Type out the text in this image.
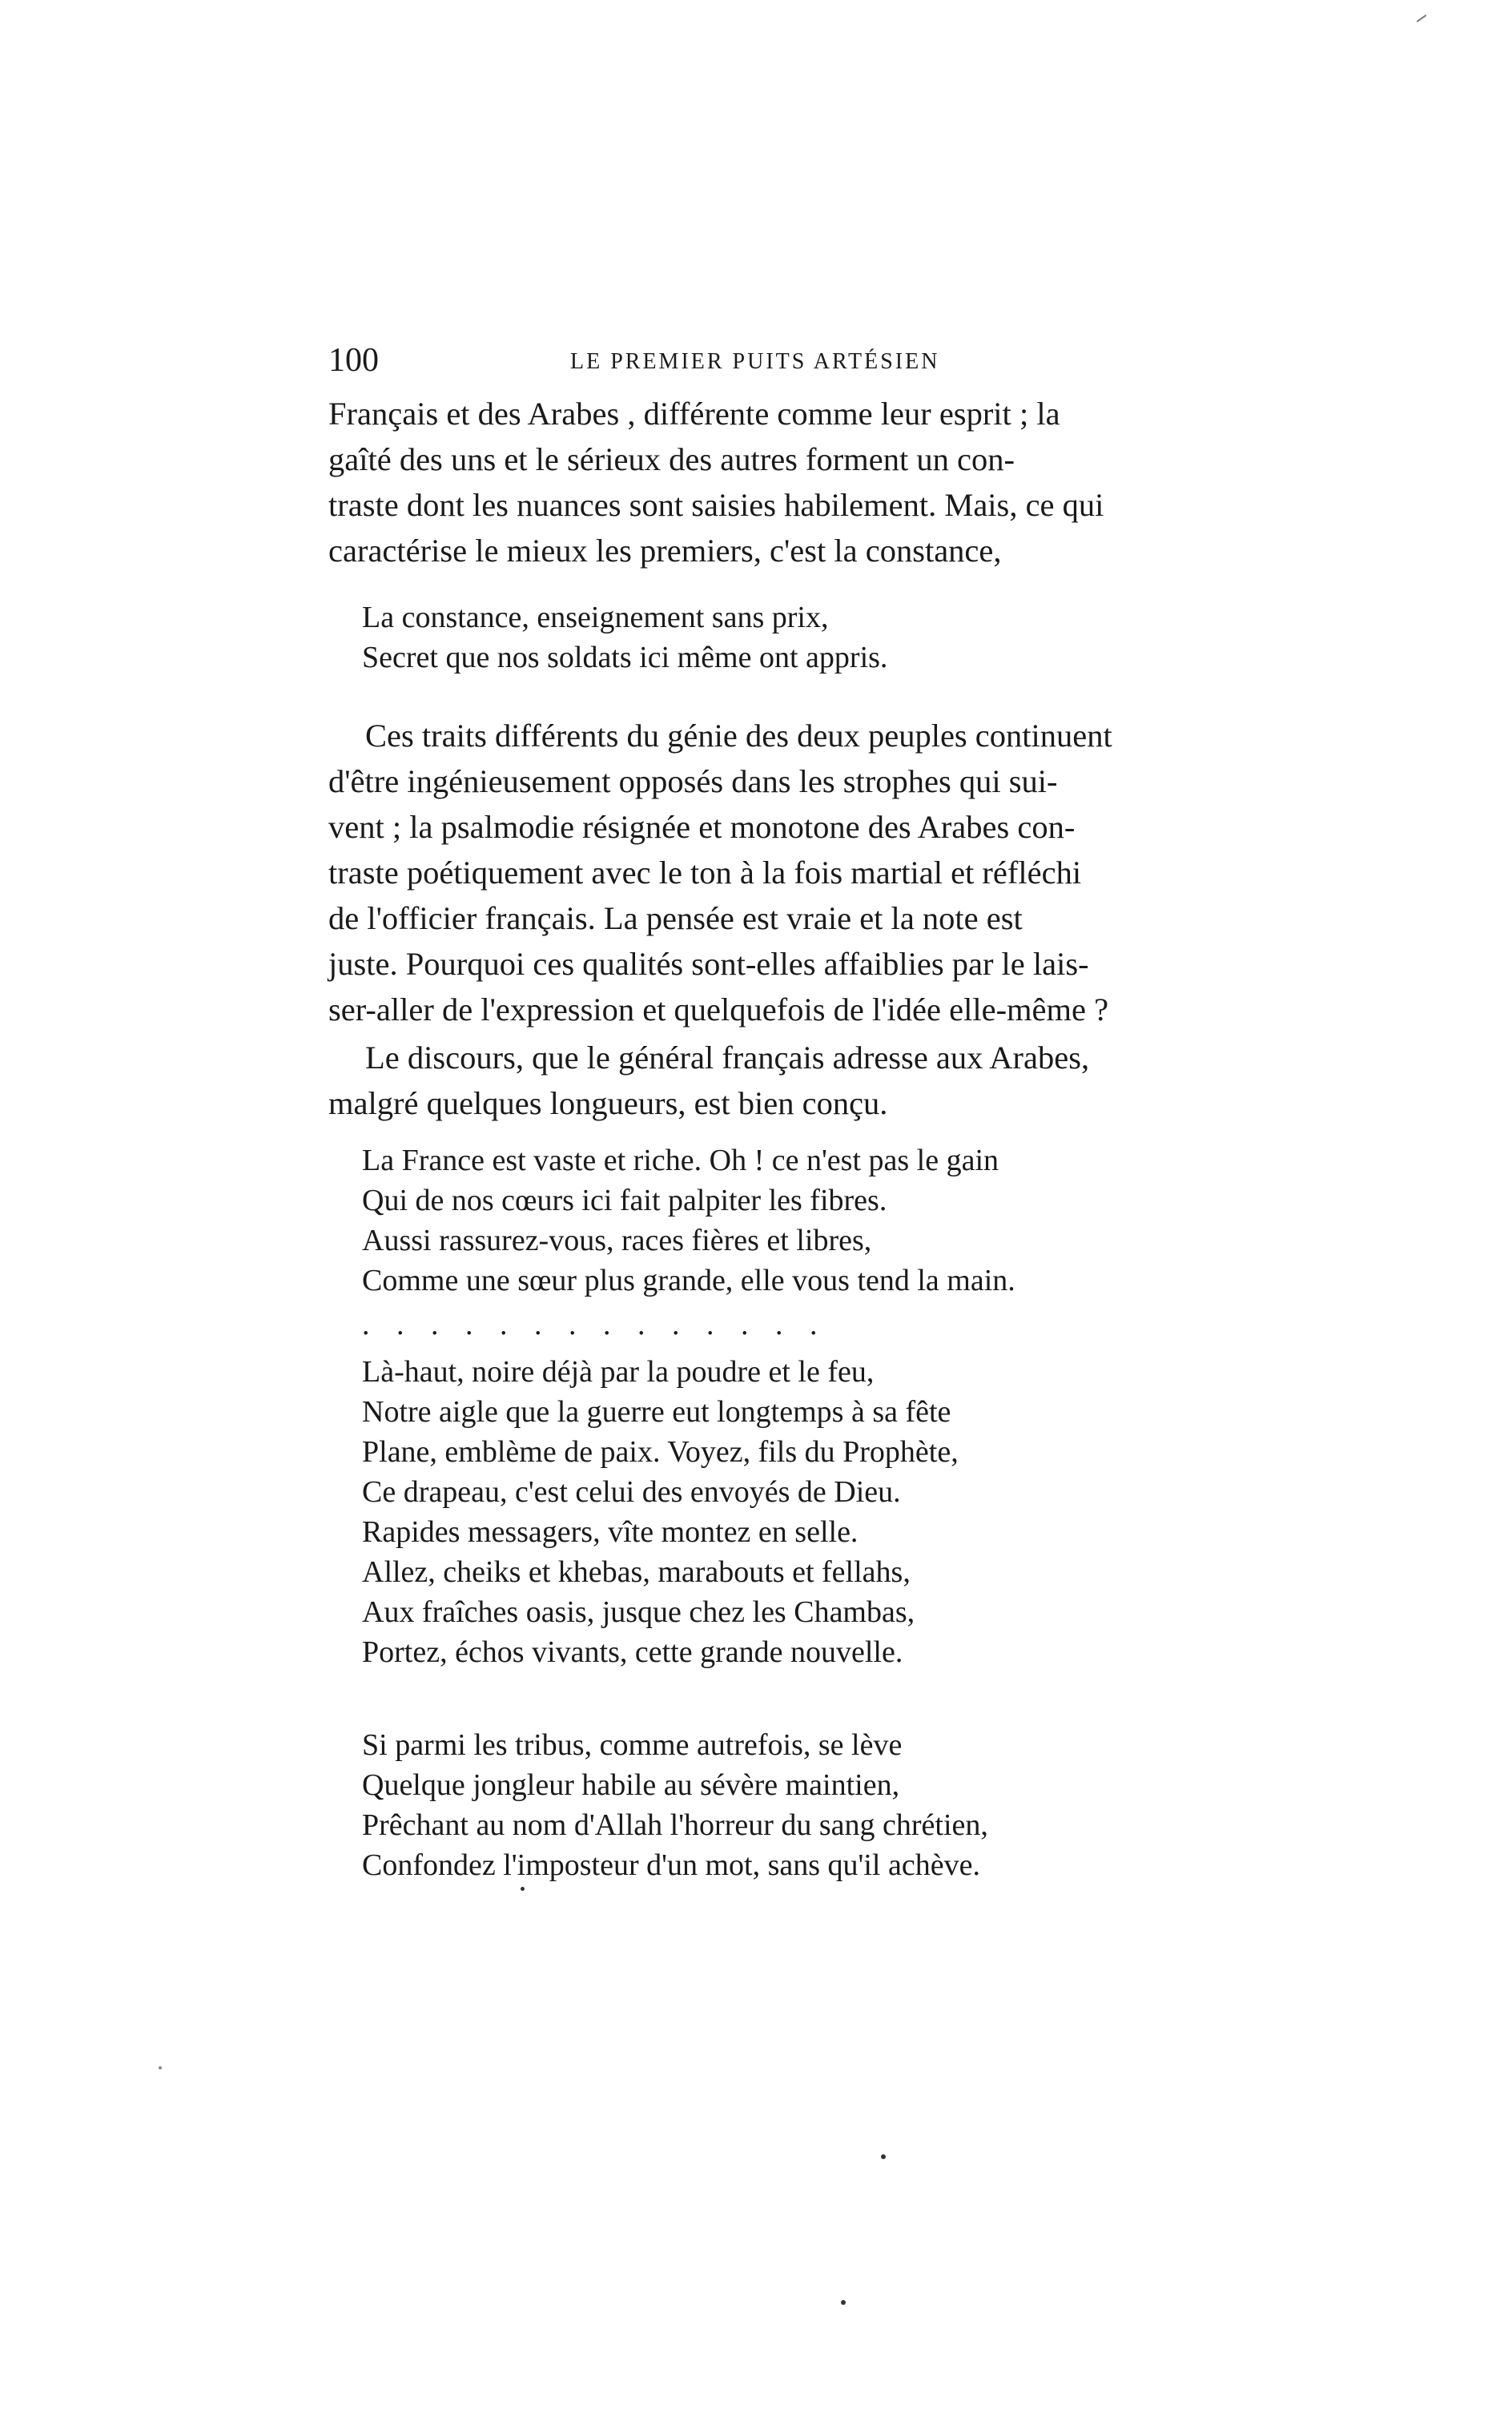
100	LE PREMIER PUITS ARTÉSIEN

Français et des Arabes , différente comme leur esprit ; la

gaîté des uns et le sérieux des autres forment un con-

traste dont les nuances sont saisies habilement. Mais, ce qui

caractérise le mieux les premiers, c'est la constance,

La constance, enseignement sans prix,
Secret que nos soldats ici même ont appris.

Ces traits différents du génie des deux peuples continuent

d'être ingénieusement opposés dans les strophes qui sui-

vent ; la psalmodie résignée et monotone des Arabes con-

traste poétiquement avec le ton à la fois martial et réfléchi

de l'officier français. La pensée est vraie et la note est

juste. Pourquoi ces qualités sont-elles affaiblies par le lais-

ser-aller de l'expression et quelquefois de l'idée elle-même ?

Le discours, que le général français adresse aux Arabes,

malgré quelques longueurs, est bien conçu.

La France est vaste et riche. Oh ! ce n'est pas le gain
Qui de nos cœurs ici fait palpiter les fibres.
Aussi rassurez-vous, races fières et libres,
Comme une sœur plus grande, elle vous tend la main.
. . . . . . . . . . . . . .
Là-haut, noire déjà par la poudre et le feu,
Notre aigle que la guerre eut longtemps à sa fête
Plane, emblème de paix. Voyez, fils du Prophète,
Ce drapeau, c'est celui des envoyés de Dieu.
Rapides messagers, vîte montez en selle.
Allez, cheiks et khebas, marabouts et fellahs,
Aux fraîches oasis, jusque chez les Chambas,
Portez, échos vivants, cette grande nouvelle.
Si parmi les tribus, comme autrefois, se lève
Quelque jongleur habile au sévère maintien,
Prêchant au nom d'Allah l'horreur du sang chrétien,
Confondez l'imposteur d'un mot, sans qu'il achève.
